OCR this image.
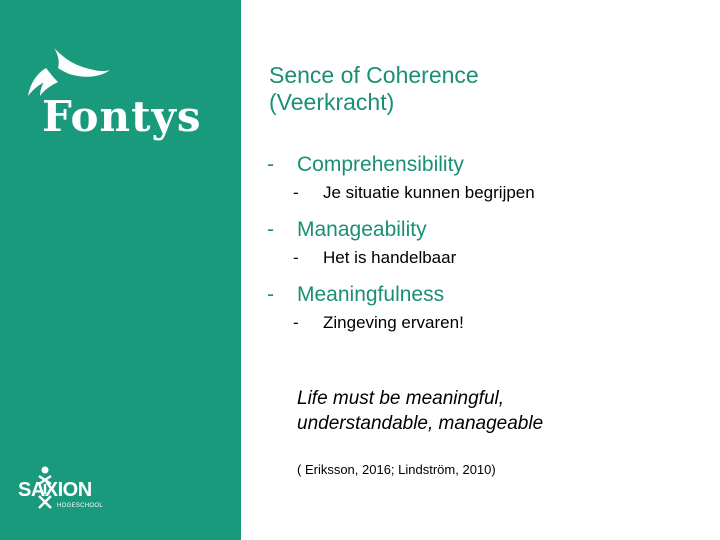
Fontys
SAXION
HOGESCHOOL
Sence of Coherence
(Veerkracht)
-	Comprehensibility
-	Je situatie kunnen begrijpen
-	Manageability
-	Het is handelbaar
-	Meaningfulness
-	Zingeving ervaren!
Life must be meaningful,
understandable, manageable
( Eriksson, 2016; Lindström, 2010)
